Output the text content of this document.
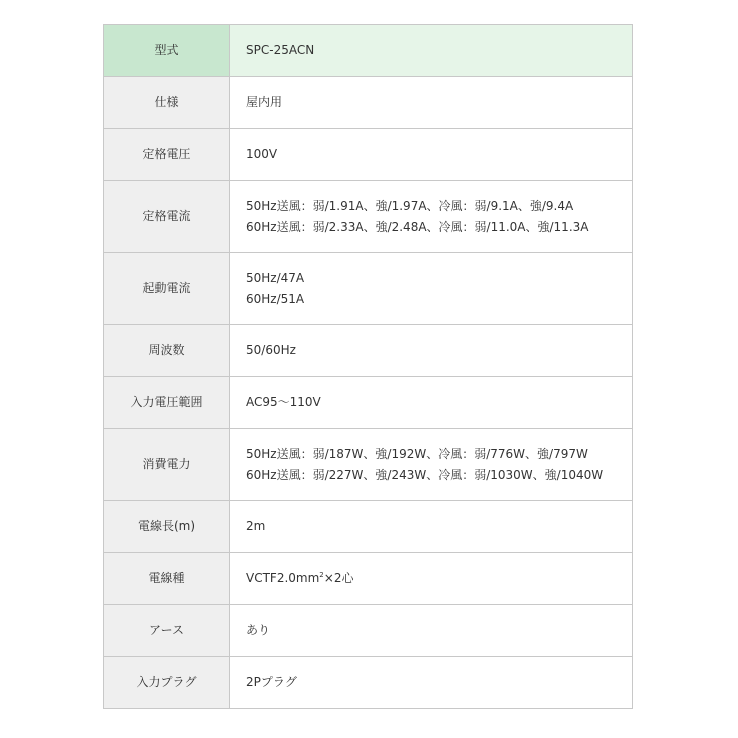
型式	SPC-25ACN
仕様	屋内用
定格電圧	100V
定格電流	50Hz送風：弱/1.91A、強/1.97A、冷風：弱/9.1A、強/9.4A
60Hz送風：弱/2.33A、強/2.48A、冷風：弱/11.0A、強/11.3A

起動電流	50Hz/47A
60Hz/51A

周波数	50/60Hz
入力電圧範囲	AC95〜110V
消費電力	50Hz送風：弱/187W、強/192W、冷風：弱/776W、強/797W
60Hz送風：弱/227W、強/243W、冷風：弱/1030W、強/1040W

電線長(m)	2m
電線種	$VCTF2.0mm^2\times 2$心
アース	あり
入力プラグ	2Pプラグ
